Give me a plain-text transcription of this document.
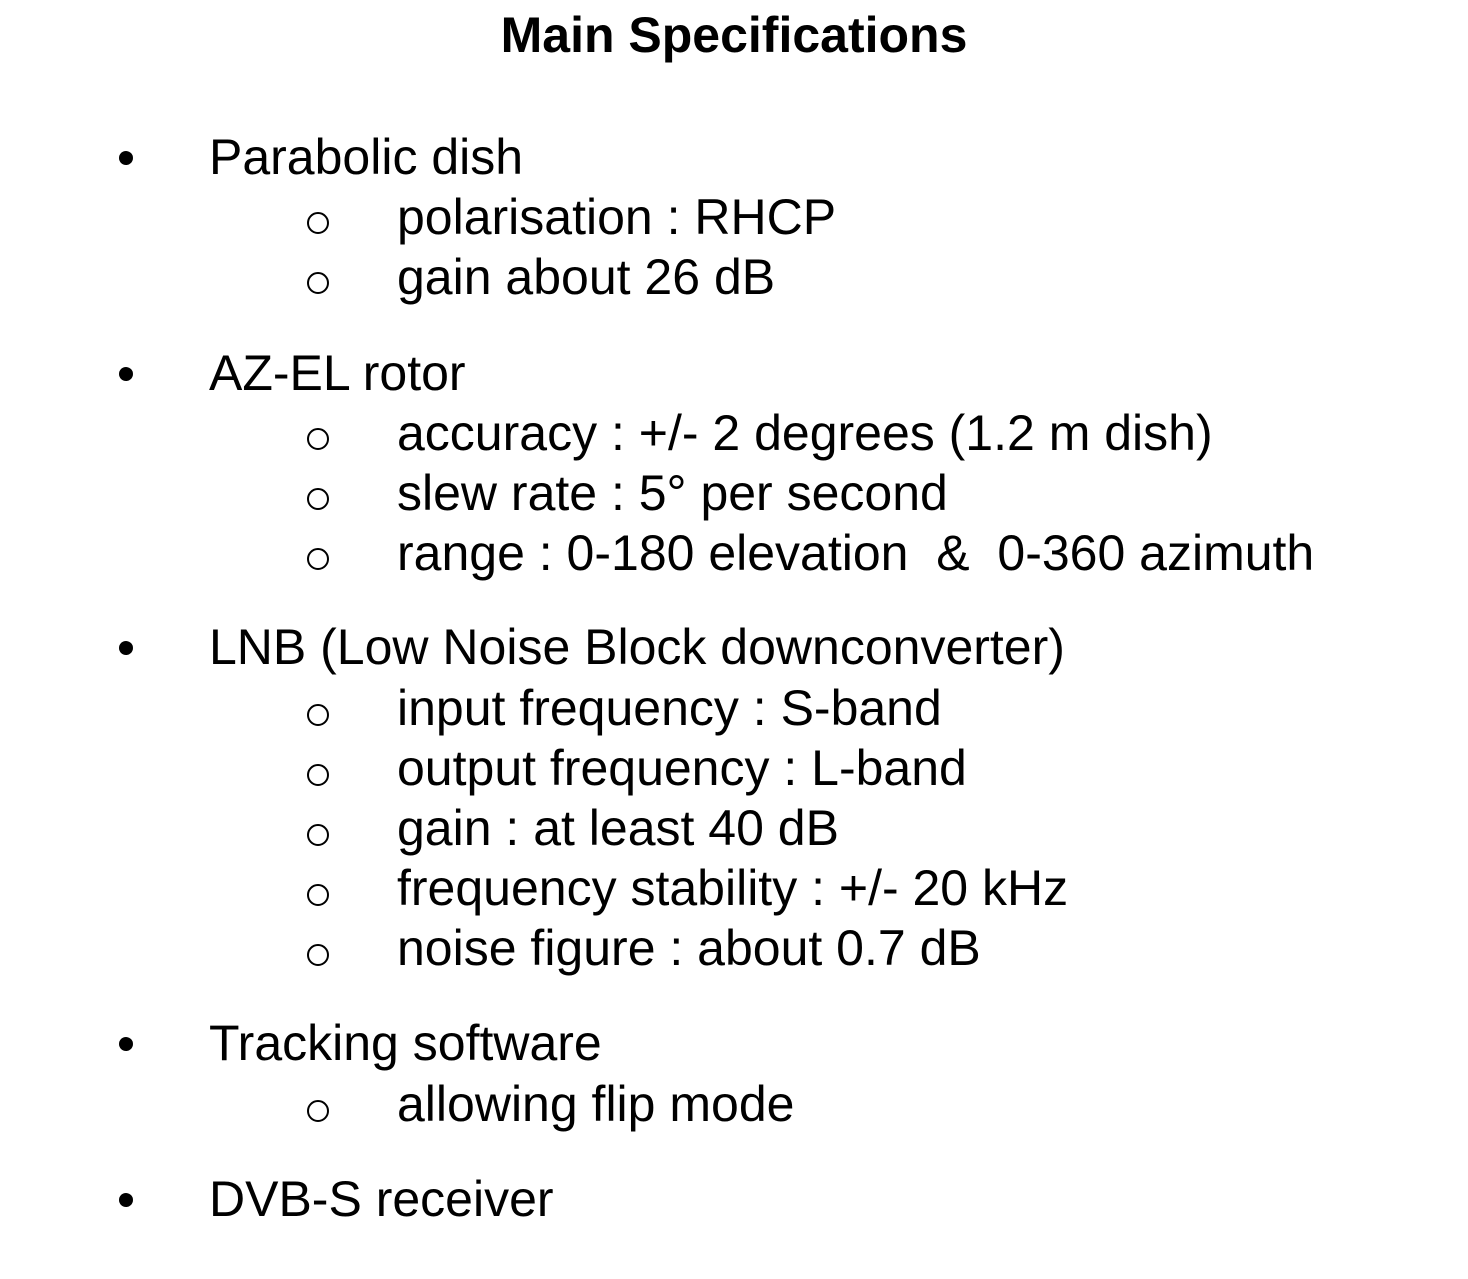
Main Specifications
Parabolic dish
polarisation : RHCP
gain about 26 dB
AZ-EL rotor
accuracy : +/- 2 degrees (1.2 m dish)
slew rate : 5° per second
range : 0-180 elevation  &  0-360 azimuth
LNB (Low Noise Block downconverter)
input frequency : S-band
output frequency : L-band
gain : at least 40 dB
frequency stability : +/- 20 kHz
noise figure : about 0.7 dB
Tracking software
allowing flip mode
DVB-S receiver
